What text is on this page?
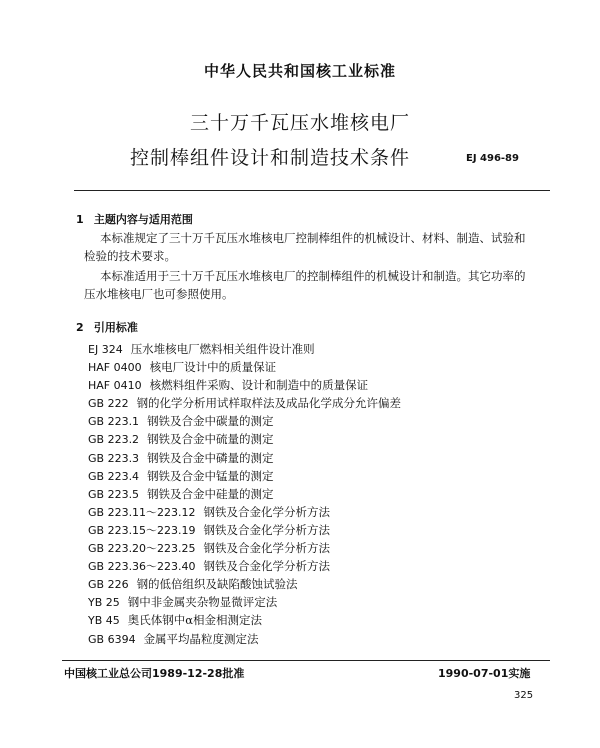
中华人民共和国核工业标准
三十万千瓦压水堆核电厂
控制棒组件设计和制造技术条件	EJ 496-89
1 主题内容与适用范围
本标准规定了三十万千瓦压水堆核电厂控制棒组件的机械设计、材料、制造、试验和检验的技术要求。
本标准适用于三十万千瓦压水堆核电厂的控制棒组件的机械设计和制造。其它功率的压水堆核电厂也可参照使用。
2 引用标准
EJ 324 压水堆核电厂燃料相关组件设计准则
HAF 0400 核电厂设计中的质量保证
HAF 0410 核燃料组件采购、设计和制造中的质量保证
GB 222 钢的化学分析用试样取样法及成品化学成分允许偏差
GB 223.1 钢铁及合金中碳量的测定
GB 223.2 钢铁及合金中硫量的测定
GB 223.3 钢铁及合金中磷量的测定
GB 223.4 钢铁及合金中锰量的测定
GB 223.5 钢铁及合金中硅量的测定
GB 223.11～223.12 钢铁及合金化学分析方法
GB 223.15～223.19 钢铁及合金化学分析方法
GB 223.20～223.25 钢铁及合金化学分析方法
GB 223.36～223.40 钢铁及合金化学分析方法
GB 226 钢的低倍组织及缺陷酸蚀试验法
YB 25 钢中非金属夹杂物显微评定法
YB 45 奥氏体钢中α相金相测定法
GB 6394 金属平均晶粒度测定法
中国核工业总公司1989-12-28批准	1990-07-01实施
325
